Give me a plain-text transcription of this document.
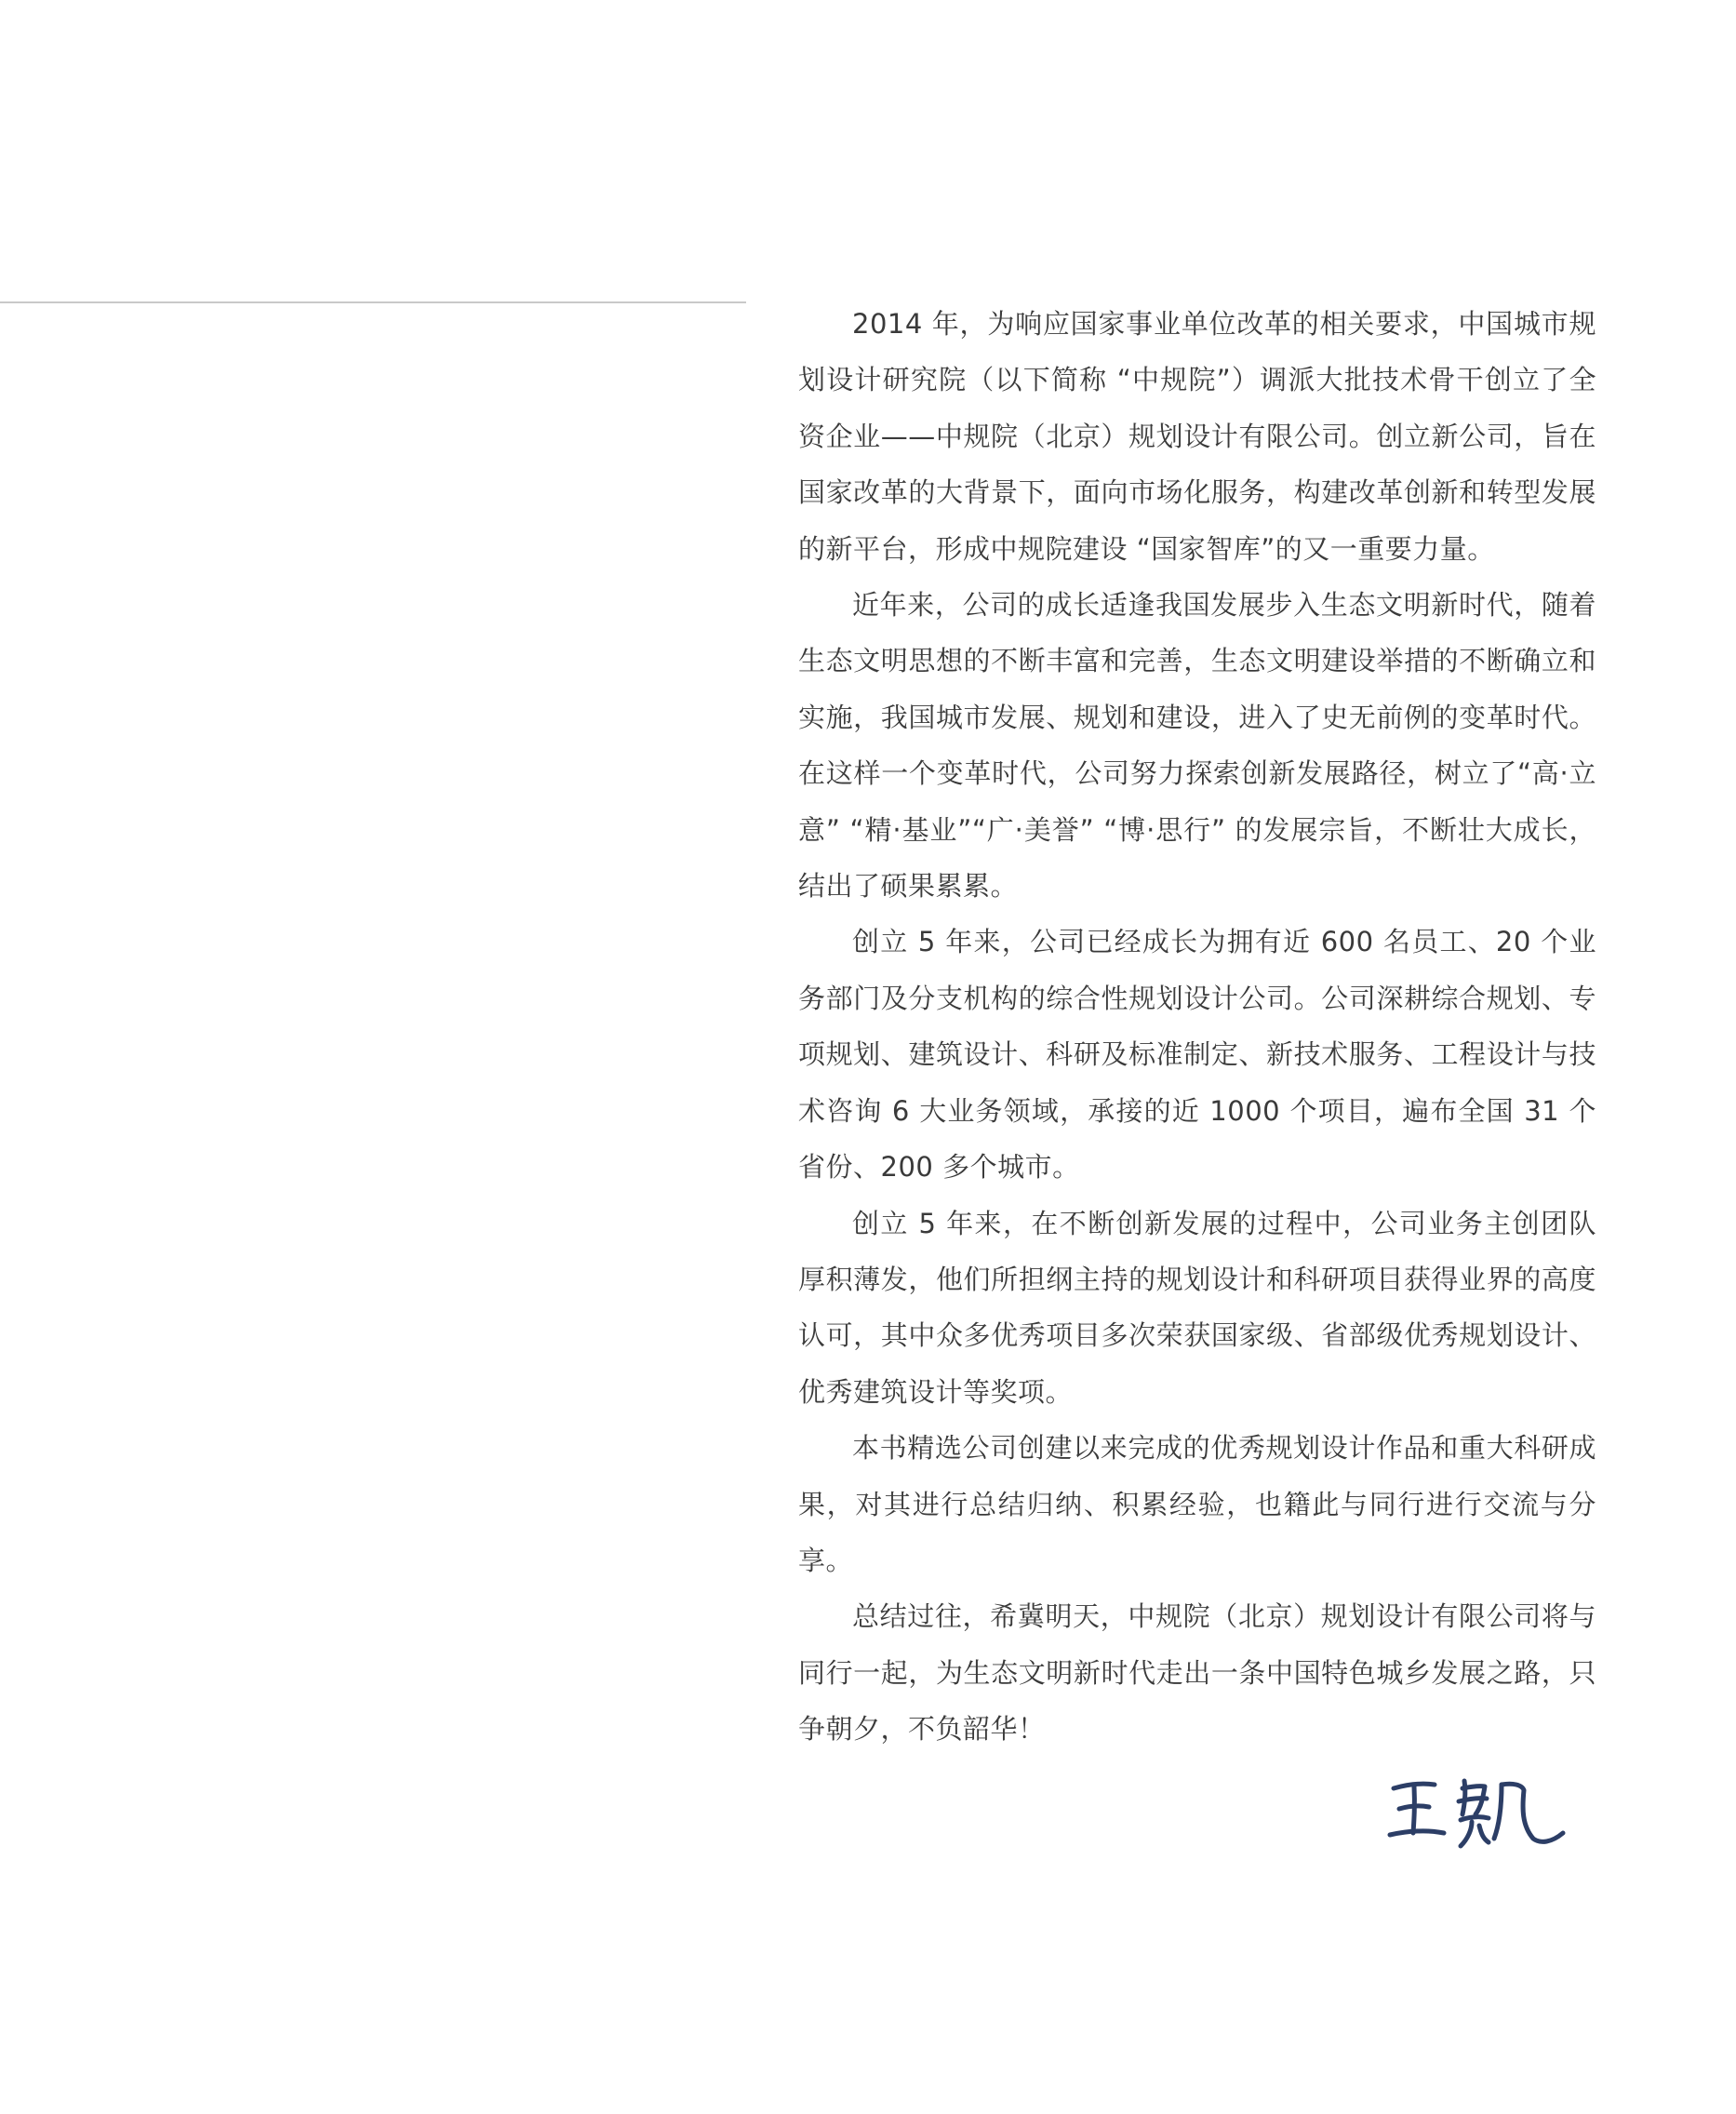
2014 年，为响应国家事业单位改革的相关要求，中国城市规划设计研究院（以下简称 “中规院”）调派大批技术骨干创立了全资企业——中规院（北京）规划设计有限公司。创立新公司，旨在国家改革的大背景下，面向市场化服务，构建改革创新和转型发展的新平台，形成中规院建设 “国家智库”的又一重要力量。

近年来，公司的成长适逢我国发展步入生态文明新时代，随着生态文明思想的不断丰富和完善，生态文明建设举措的不断确立和实施，我国城市发展、规划和建设，进入了史无前例的变革时代。在这样一个变革时代，公司努力探索创新发展路径，树立了“高·立意” “精·基业”“广·美誉” “博·思行” 的发展宗旨，不断壮大成长，结出了硕果累累。

创立 5 年来，公司已经成长为拥有近 600 名员工、20 个业务部门及分支机构的综合性规划设计公司。公司深耕综合规划、专项规划、建筑设计、科研及标准制定、新技术服务、工程设计与技术咨询 6 大业务领域，承接的近 1000 个项目，遍布全国 31 个省份、200 多个城市。

创立 5 年来，在不断创新发展的过程中，公司业务主创团队厚积薄发，他们所担纲主持的规划设计和科研项目获得业界的高度认可，其中众多优秀项目多次荣获国家级、省部级优秀规划设计、优秀建筑设计等奖项。

本书精选公司创建以来完成的优秀规划设计作品和重大科研成果，对其进行总结归纳、积累经验，也籍此与同行进行交流与分享。

总结过往，希冀明天，中规院（北京）规划设计有限公司将与同行一起，为生态文明新时代走出一条中国特色城乡发展之路，只争朝夕，不负韶华！
